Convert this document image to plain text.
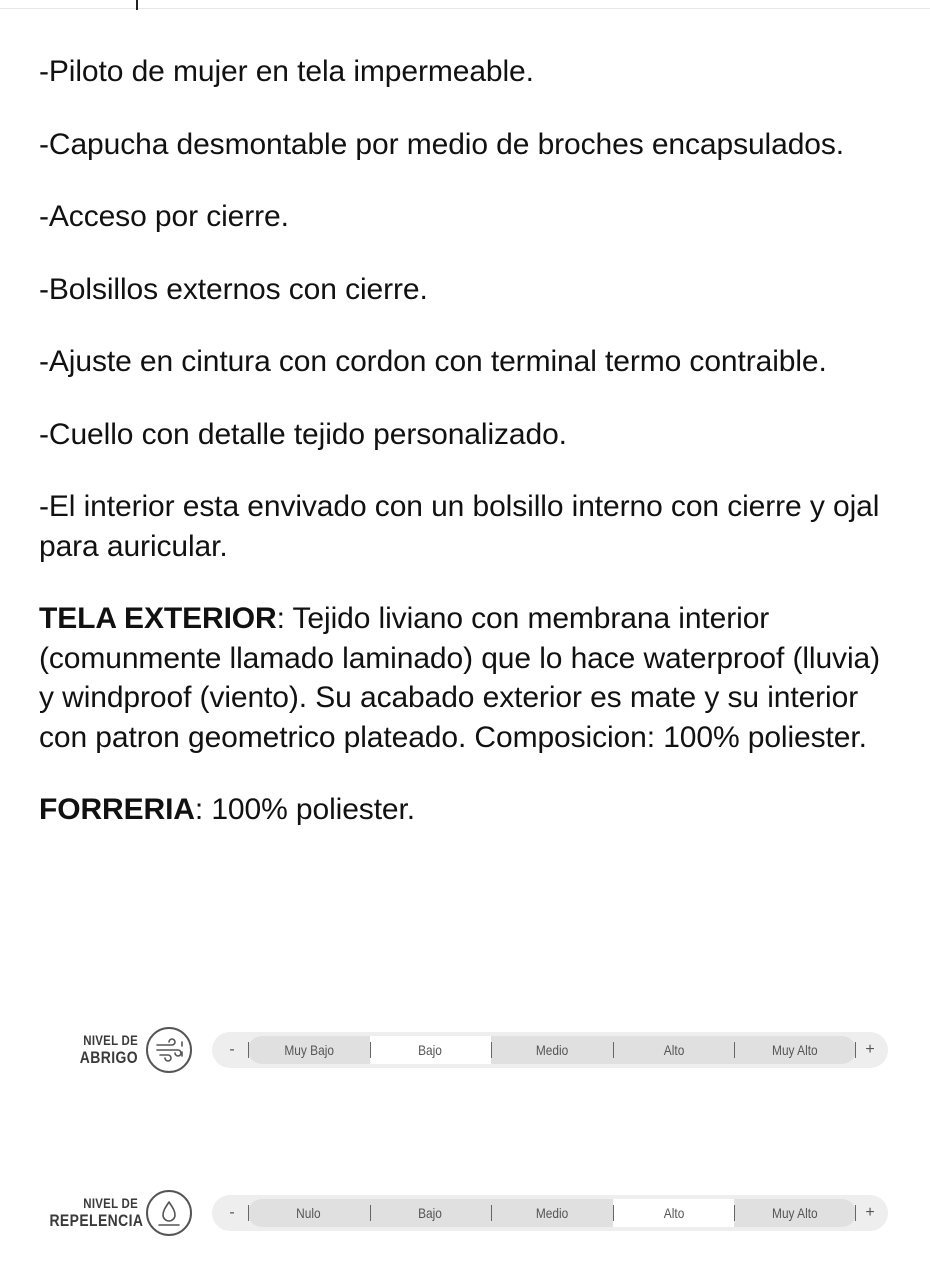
-Piloto de mujer en tela impermeable.

-Capucha desmontable por medio de broches encapsulados.

-Acceso por cierre.

-Bolsillos externos con cierre.

-Ajuste en cintura con cordon con terminal termo contraible.

-Cuello con detalle tejido personalizado.

-El interior esta envivado con un bolsillo interno con cierre y ojal para auricular.

TELA EXTERIOR: Tejido liviano con membrana interior (comunmente llamado laminado) que lo hace waterproof (lluvia) y windproof (viento). Su acabado exterior es mate y su interior con patron geometrico plateado. Composicion: 100% poliester.

FORRERIA: 100% poliester.

NIVEL DE
ABRIGO	-	Muy Bajo	Bajo	Medio	Alto	Muy Alto	+
NIVEL DE
REPELENCIA	-	Nulo	Bajo	Medio	Alto	Muy Alto	+
